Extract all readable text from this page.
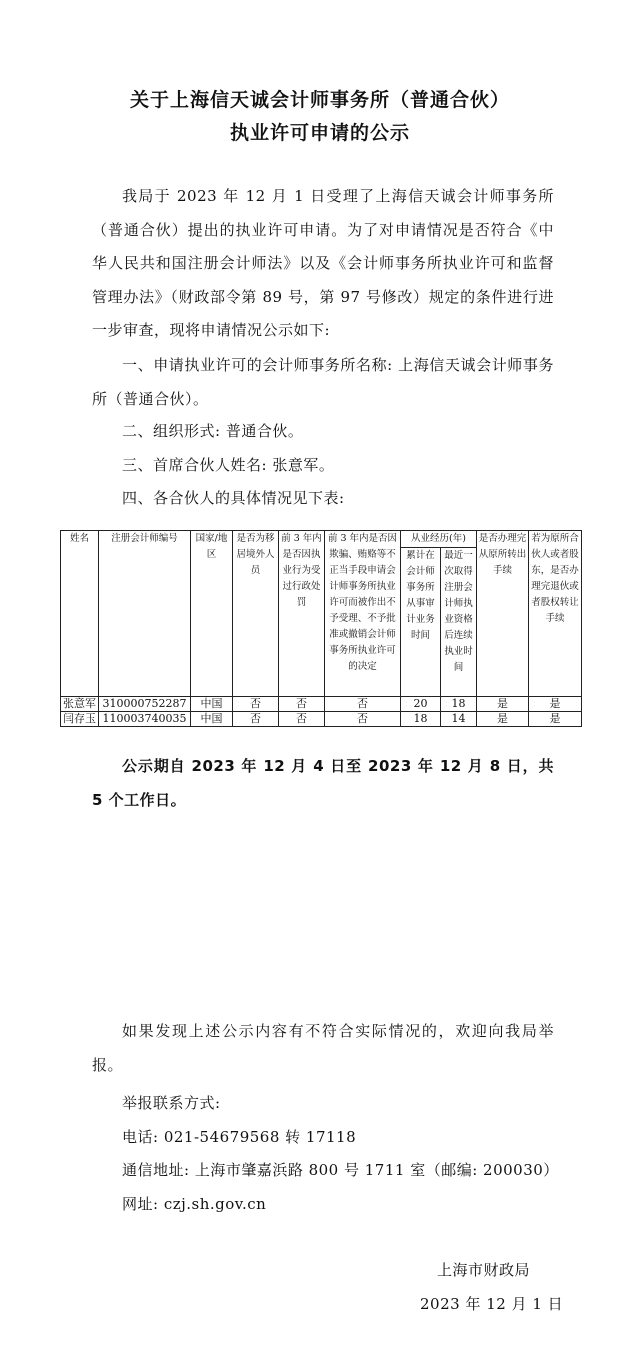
关于上海信天诚会计师事务所（普通合伙）
执业许可申请的公示
我局于 2023 年 12 月 1 日受理了上海信天诚会计师事务所（普通合伙）提出的执业许可申请。为了对申请情况是否符合《中华人民共和国注册会计师法》以及《会计师事务所执业许可和监督管理办法》（财政部令第 89 号，第 97 号修改）规定的条件进行进一步审查，现将申请情况公示如下:
一、申请执业许可的会计师事务所名称: 上海信天诚会计师事务所（普通合伙）。
二、组织形式: 普通合伙。
三、首席合伙人姓名: 张意军。
四、各合伙人的具体情况见下表:
姓名	注册会计师编号	国家/地区	是否为移居境外人员	前 3 年内是否因执业行为受过行政处罚	前 3 年内是否因欺骗、贿赂等不正当手段申请会计师事务所执业许可而被作出不予受理、不予批准或撤销会计师事务所执业许可的决定	从业经历(年)		是否办理完从原所转出手续	若为原所合伙人或者股东，是否办理完退伙或者股权转让手续
						累计在会计师事务所从事审计业务时间	最近一次取得注册会计师执业资格后连续执业时间		
张意军	310000752287	中国	否	否	否	20	18	是	是
闫存玉	110003740035	中国	否	否	否	18	14	是	是
公示期自 2023 年 12 月 4 日至 2023 年 12 月 8 日，共 5 个工作日。
如果发现上述公示内容有不符合实际情况的，欢迎向我局举报。
举报联系方式:
电话: 021-54679568 转 17118
通信地址: 上海市肇嘉浜路 800 号 1711 室（邮编: 200030）
网址: czj.sh.gov.cn
上海市财政局
2023 年 12 月 1 日
